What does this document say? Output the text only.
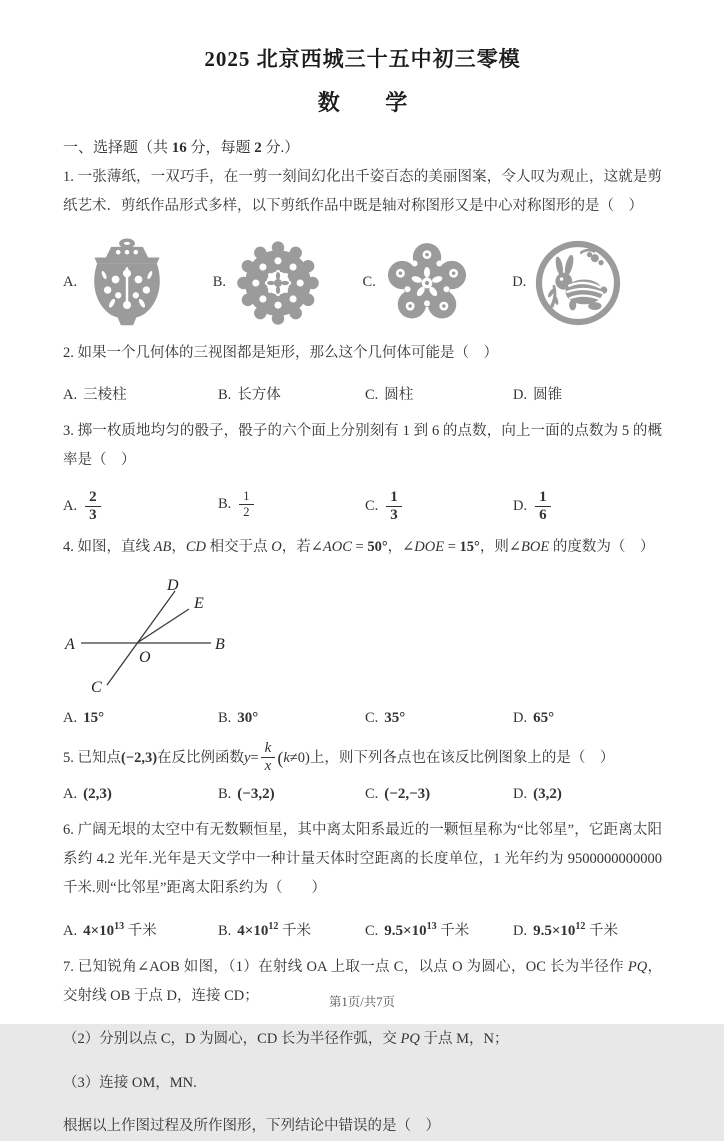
2025 北京西城三十五中初三零模
数 学
一、选择题（共 16 分，每题 2 分.）

1. 一张薄纸，一双巧手，在一剪一刻间幻化出千姿百态的美丽图案，令人叹为观止，这就是剪纸艺术．剪纸作品形式多样，以下剪纸作品中既是轴对称图形又是中心对称图形的是（　）

A.	B.	C.	D.

2. 如果一个几何体的三视图都是矩形，那么这个几何体可能是（　）

A. 三棱柱	B. 长方体	C. 圆柱	D. 圆锥

3. 掷一枚质地均匀的骰子，骰子的六个面上分别刻有 1 到 6 的点数，向上一面的点数为 5 的概率是（　）

A. $\frac{2}{3}$	B. $\frac{1}{2}$	C. $\frac{1}{3}$	D. $\frac{1}{6}$

4. 如图，直线 AB，CD 相交于点 O，若∠AOC = 50°，∠DOE = 15°，则∠BOE 的度数为（　）

A	B
D
E
O
C
A. 15°	B. 30°	C. 35°	D. 65°
5. 已知点 (−2,3) 在反比例函数 $y = \frac{k}{x}$ ( k ≠0)上，则下列各点也在该反比例图象上的是（　）
A. (2,3)	B. (−3,2)	C. (−2,−3)	D. (3,2)

6. 广阔无垠的太空中有无数颗恒星，其中离太阳系最近的一颗恒星称为“比邻星”，它距离太阳系约 4.2 光年.光年是天文学中一种计量天体时空距离的长度单位，1 光年约为 9500000000000 千米.则“比邻星”距离太阳系约为（　　）

A. $4\times 10^{13}$ 千米	B. $4\times 10^{12}$ 千米	C. $9.5\times 10^{13}$ 千米	D. $9.5\times 10^{12}$ 千米

7. 已知锐角∠AOB 如图，（1）在射线 OA 上取一点 C，以点 O 为圆心，OC 长为半径作 PQ，交射线 OB 于点 D，连接 CD；

（2）分别以点 C，D 为圆心，CD 长为半径作弧，交 PQ 于点 M，N；

（3）连接 OM，MN.

根据以上作图过程及所作图形，下列结论中错误的是（　）

第1页/共7页
